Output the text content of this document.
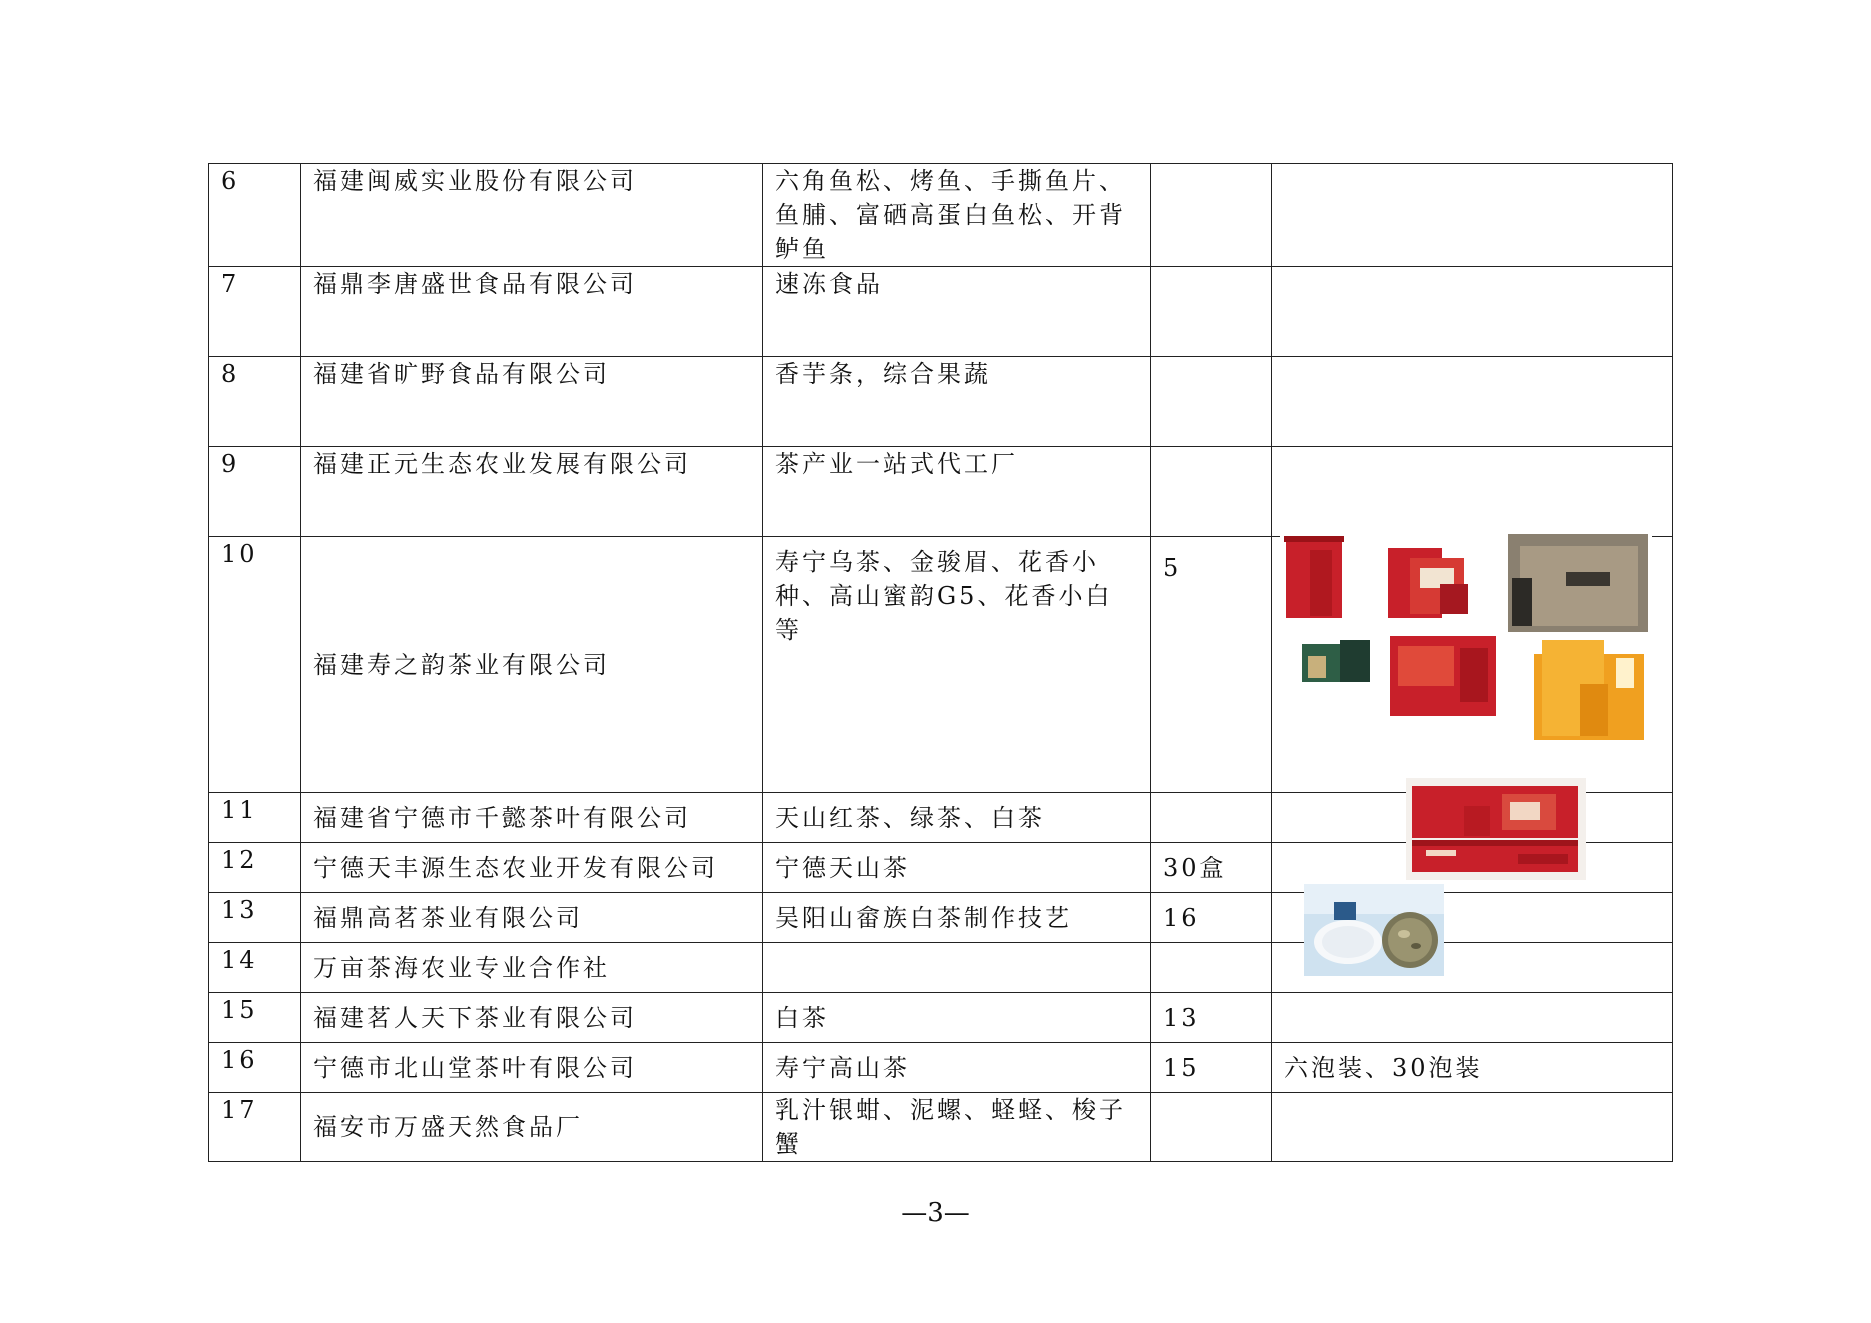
6	福建闽威实业股份有限公司	六角鱼松、烤鱼、手撕鱼片、鱼脯、富硒高蛋白鱼松、开背鲈鱼		
7	福鼎李唐盛世食品有限公司	速冻食品		
8	福建省旷野食品有限公司	香芋条，综合果蔬		
9	福建正元生态农业发展有限公司	茶产业一站式代工厂		
10	福建寿之韵茶业有限公司	寿宁乌茶、金骏眉、花香小种、高山蜜韵G5、花香小白等	5	
11	福建省宁德市千懿茶叶有限公司	天山红茶、绿茶、白茶		
12	宁德天丰源生态农业开发有限公司	宁德天山茶	30盒	
13	福鼎高茗茶业有限公司	吴阳山畲族白茶制作技艺	16	
14	万亩茶海农业专业合作社			
15	福建茗人天下茶业有限公司	白茶	13	
16	宁德市北山堂茶叶有限公司	寿宁高山茶	15	六泡装、30泡装
17	福安市万盛天然食品厂	乳汁银蚶、泥螺、蛏蛏、梭子蟹		
—3—
